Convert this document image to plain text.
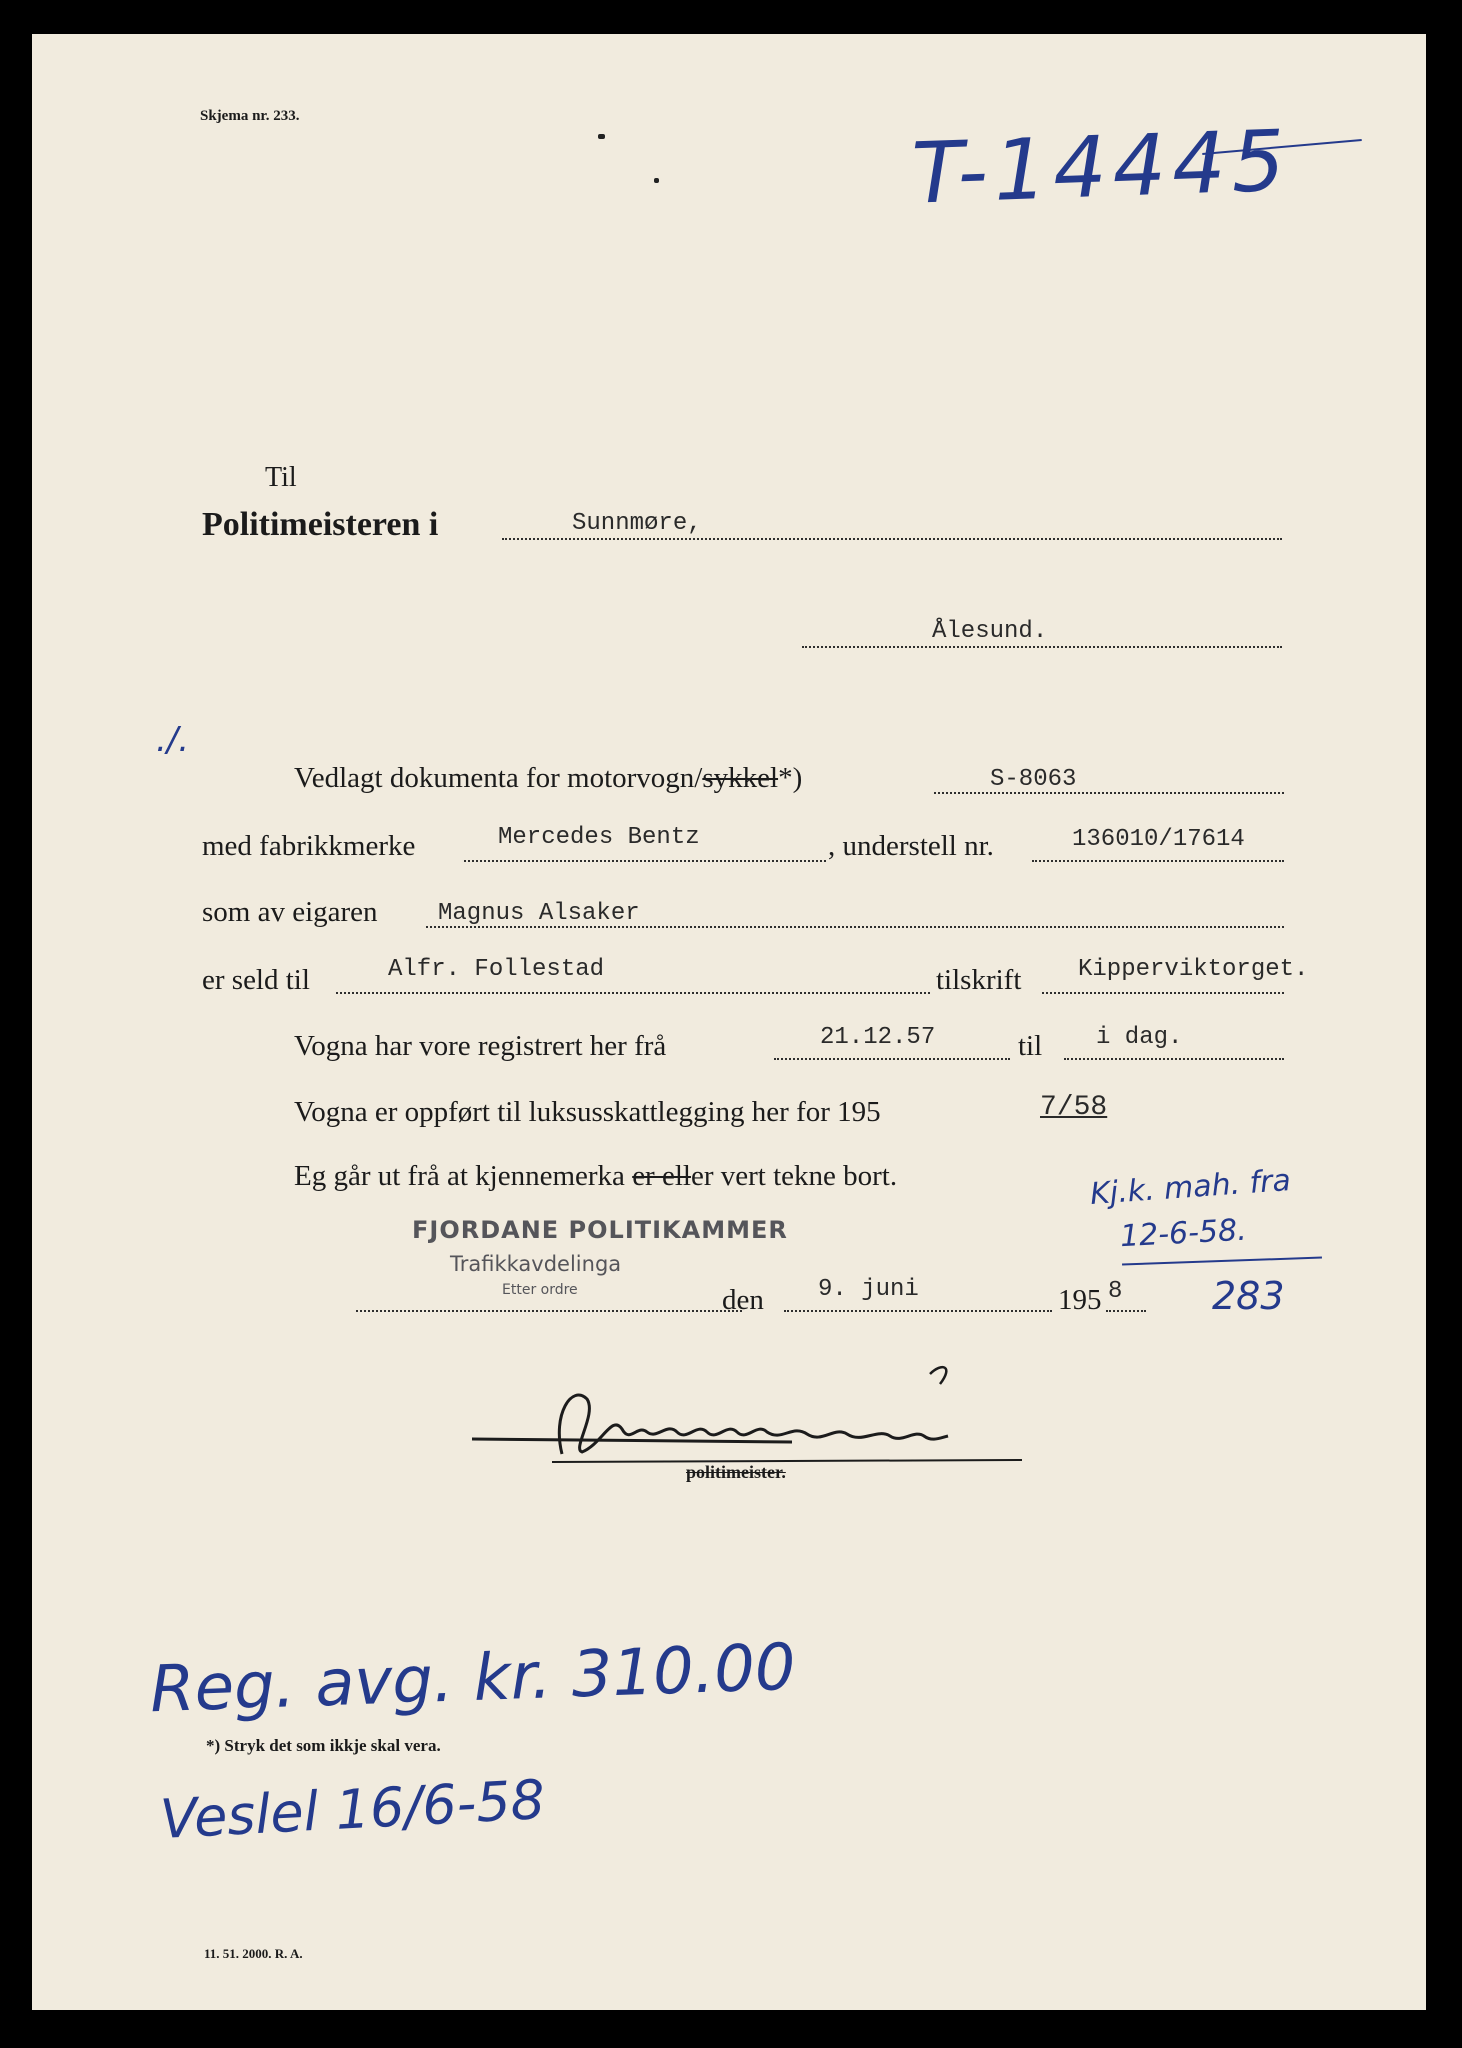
Skjema nr. 233.	T-14445
Til
Politimeisteren i	Sunnmøre,
Ålesund.
./.
Vedlagt dokumenta for motorvogn/sykkel*)	S-8063
med fabrikkmerke	Mercedes Bentz	, understell nr.	136010/17614
som av eigaren	Magnus Alsaker
er seld til	Alfr. Follestad	tilskrift Kipperviktorget.
Vogna har vore registrert her frå	21.12.57	til i dag.
Vogna er oppført til luksusskattlegging her for 195	7/58
Eg går ut frå at kjennemerka er eller vert tekne bort.	Kj.k. mah. fra
12-6-58.
283
FJORDANE POLITIKAMMER
Trafikkavdelinga
Etter ordre	den 9. juni	195 8
politimeister.
Reg. avg. kr. 310.00
*) Stryk det som ikkje skal vera.
Veslel 16/6-58
11. 51. 2000. R. A.
